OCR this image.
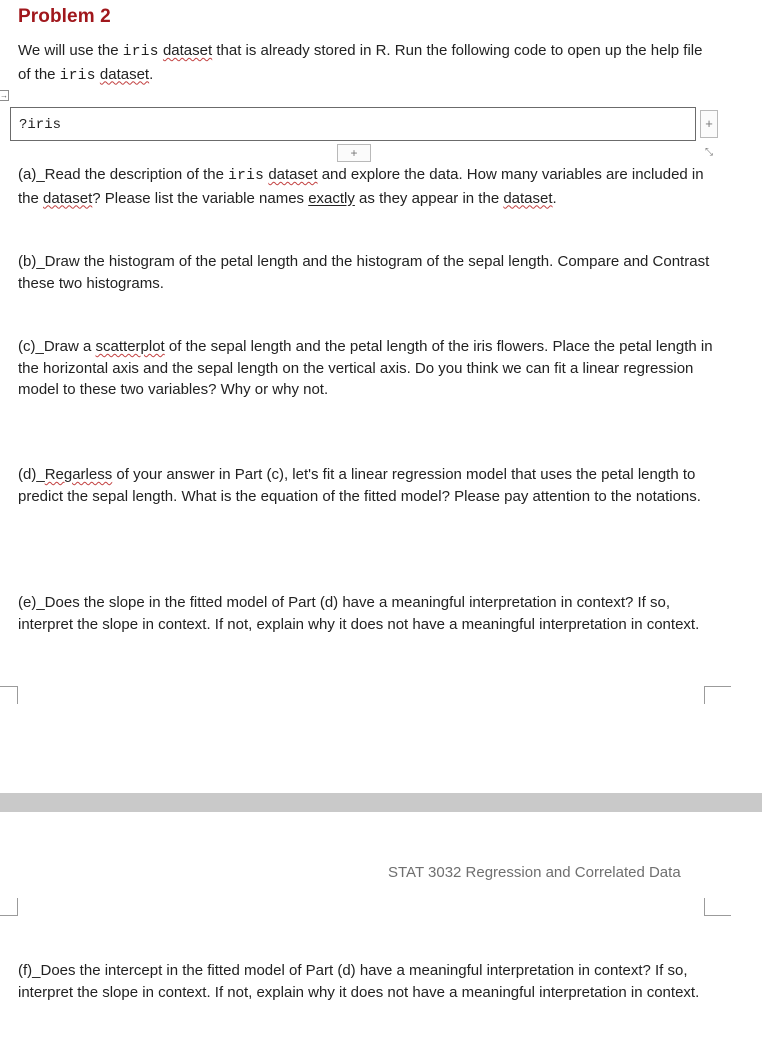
Problem 2
We will use the iris dataset that is already stored in R. Run the following code to open up the help file of the iris dataset.
→
?iris	+
+	⤡
(a)_Read the description of the iris dataset and explore the data. How many variables are included in the dataset? Please list the variable names exactly as they appear in the dataset.
(b)_Draw the histogram of the petal length and the histogram of the sepal length. Compare and Contrast these two histograms.
(c)_Draw a scatterplot of the sepal length and the petal length of the iris flowers. Place the petal length in the horizontal axis and the sepal length on the vertical axis. Do you think we can fit a linear regression model to these two variables? Why or why not.
(d)_Regarless of your answer in Part (c), let's fit a linear regression model that uses the petal length to predict the sepal length. What is the equation of the fitted model? Please pay attention to the notations.
(e)_Does the slope in the fitted model of Part (d) have a meaningful interpretation in context? If so, interpret the slope in context. If not, explain why it does not have a meaningful interpretation in context.
STAT 3032 Regression and Correlated Data
(f)_Does the intercept in the fitted model of Part (d) have a meaningful interpretation in context? If so, interpret the slope in context. If not, explain why it does not have a meaningful interpretation in context.
